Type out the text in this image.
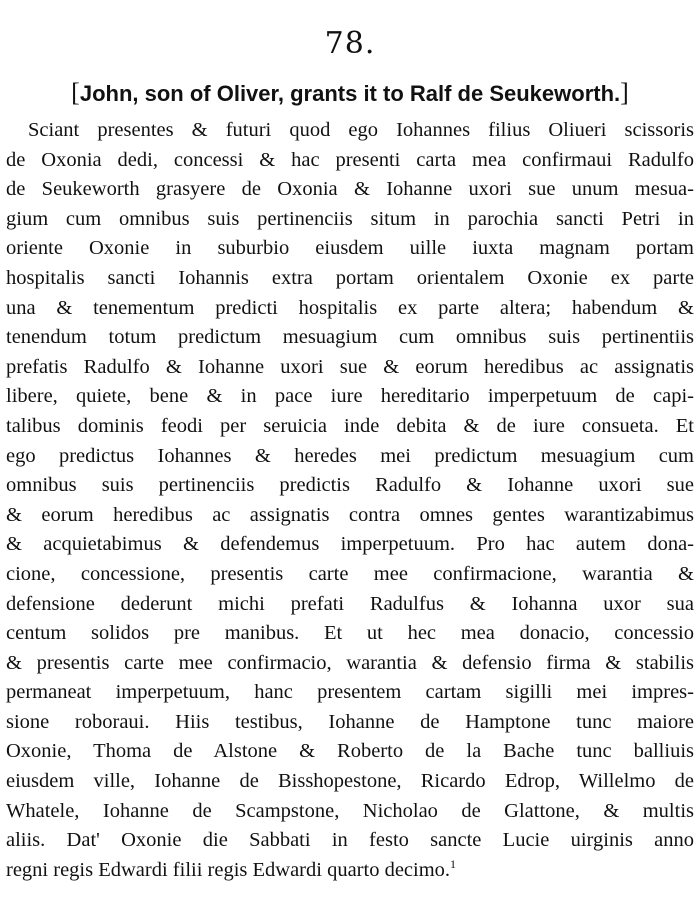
78.
[John, son of Oliver, grants it to Ralf de Seukeworth.]
Sciant presentes & futuri quod ego Iohannes filius Oliueri scissoris
de Oxonia dedi, concessi & hac presenti carta mea confirmaui Radulfo
de Seukeworth grasyere de Oxonia & Iohanne uxori sue unum mesua-
gium cum omnibus suis pertinenciis situm in parochia sancti Petri in
oriente Oxonie in suburbio eiusdem uille iuxta magnam portam
hospitalis sancti Iohannis extra portam orientalem Oxonie ex parte
una & tenementum predicti hospitalis ex parte altera; habendum &
tenendum totum predictum mesuagium cum omnibus suis pertinentiis
prefatis Radulfo & Iohanne uxori sue & eorum heredibus ac assignatis
libere, quiete, bene & in pace iure hereditario imperpetuum de capi-
talibus dominis feodi per seruicia inde debita & de iure consueta. Et
ego predictus Iohannes & heredes mei predictum mesuagium cum
omnibus suis pertinenciis predictis Radulfo & Iohanne uxori sue
& eorum heredibus ac assignatis contra omnes gentes warantizabimus
& acquietabimus & defendemus imperpetuum. Pro hac autem dona-
cione, concessione, presentis carte mee confirmacione, warantia &
defensione dederunt michi prefati Radulfus & Iohanna uxor sua
centum solidos pre manibus. Et ut hec mea donacio, concessio
& presentis carte mee confirmacio, warantia & defensio firma & stabilis
permaneat imperpetuum, hanc presentem cartam sigilli mei impres-
sione roboraui. Hiis testibus, Iohanne de Hamptone tunc maiore
Oxonie, Thoma de Alstone & Roberto de la Bache tunc balliuis
eiusdem ville, Iohanne de Bisshopestone, Ricardo Edrop, Willelmo de
Whatele, Iohanne de Scampstone, Nicholao de Glattone, & multis
aliis. Dat' Oxonie die Sabbati in festo sancte Lucie uirginis anno
regni regis Edwardi filii regis Edwardi quarto decimo.$^1$
